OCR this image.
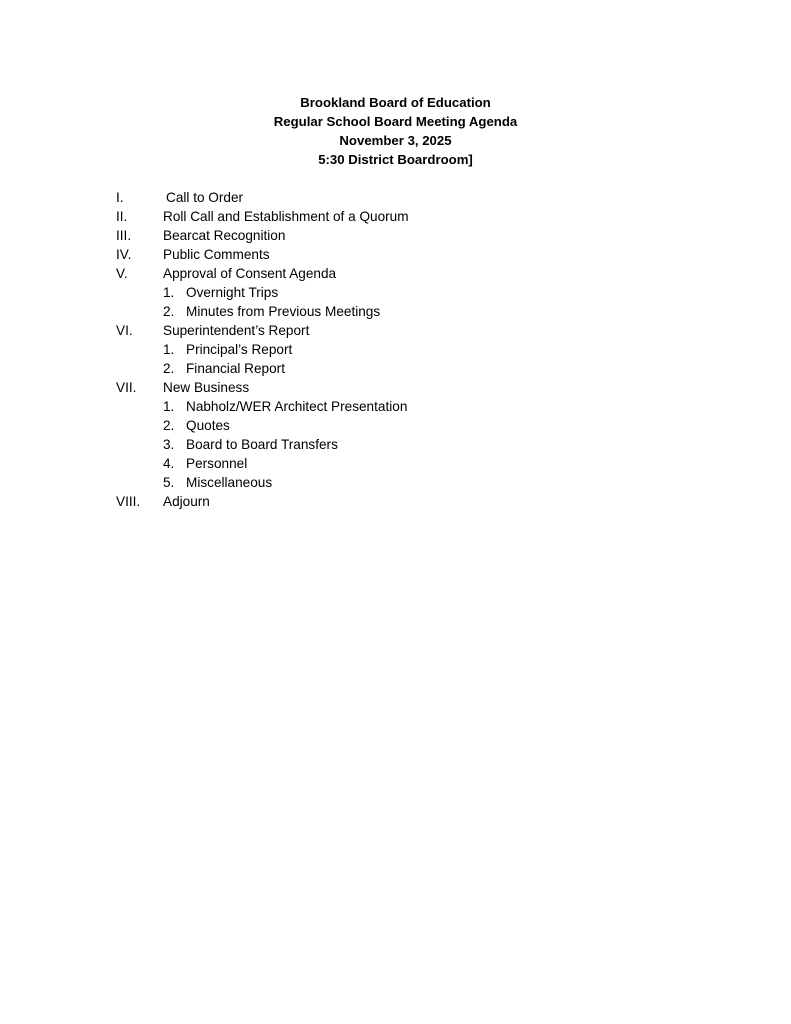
Brookland Board of Education
Regular School Board Meeting Agenda
November 3, 2025
5:30 District Boardroom]
I.	Call to Order
II.	Roll Call and Establishment of a Quorum
III. Bearcat Recognition
IV. Public Comments
V.	Approval of Consent Agenda
1. Overnight Trips
2. Minutes from Previous Meetings
VI. Superintendent’s Report
1. Principal’s Report
2. Financial Report
VII. New Business
1. Nabholz/WER Architect Presentation
2. Quotes
3. Board to Board Transfers
4. Personnel
5. Miscellaneous
VIII. Adjourn
